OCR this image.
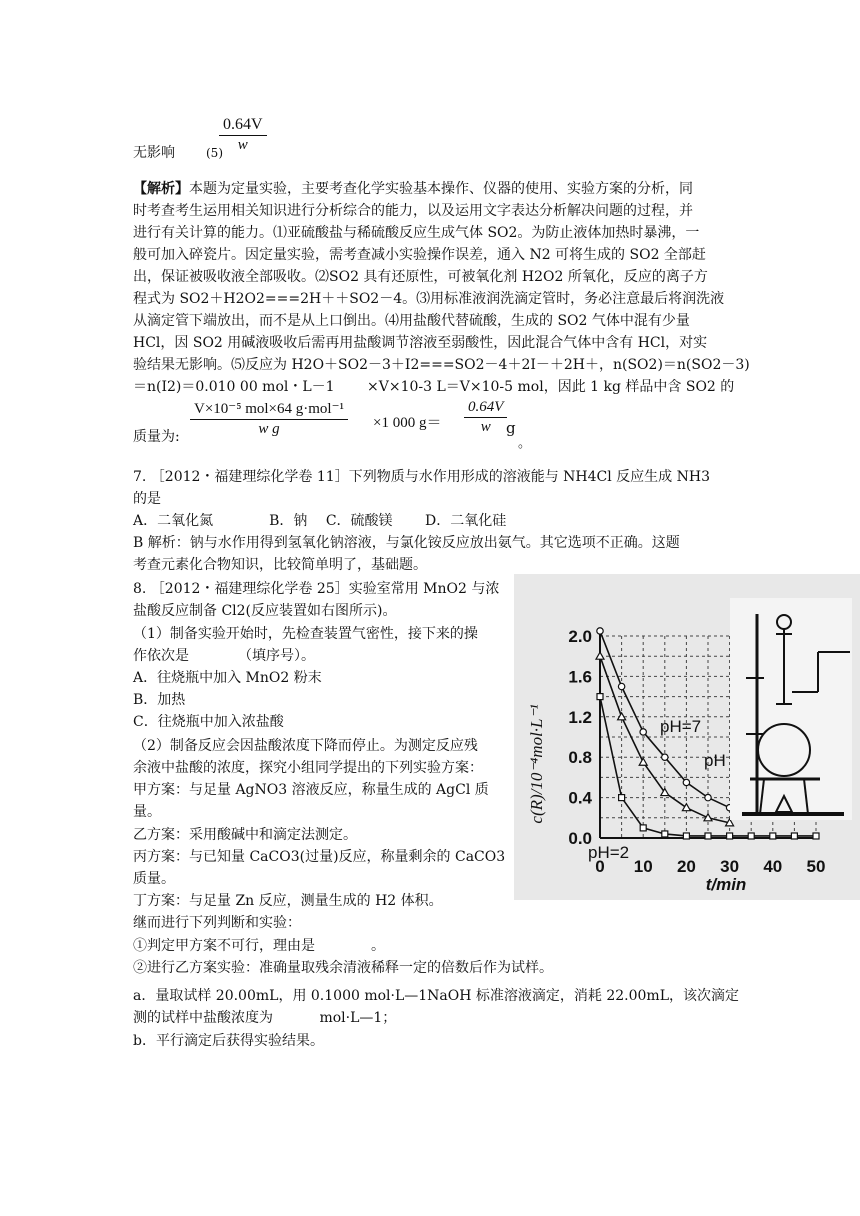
$\frac{0.64V}{w}$
无影响	(5)
【解析】本题为定量实验，主要考查化学实验基本操作、仪器的使用、实验方案的分析，同
时考查考生运用相关知识进行分析综合的能力，以及运用文字表达分析解决问题的过程，并
进行有关计算的能力。⑴亚硫酸盐与稀硫酸反应生成气体 SO2。为防止液体加热时暴沸，一
般可加入碎瓷片。因定量实验，需考查减小实验操作误差，通入 N2 可将生成的 SO2 全部赶
出，保证被吸收液全部吸收。⑵SO2 具有还原性，可被氧化剂 H2O2 所氧化，反应的离子方
程式为 SO2＋H2O2===2H＋＋SO2－4。⑶用标准液润洗滴定管时，务必注意最后将润洗液
从滴定管下端放出，而不是从上口倒出。⑷用盐酸代替硫酸，生成的 SO2 气体中混有少量
HCl，因 SO2 用碱液吸收后需再用盐酸调节溶液至弱酸性，因此混合气体中含有 HCl，对实
验结果无影响。⑸反应为 H2O＋SO2－3＋I2===SO2－4＋2I－＋2H＋，n(SO2)＝n(SO2－3)
＝n(I2)＝0.010 00 mol・L－1　　 ×V×10-3 L＝V×10-5 mol，因此 1 kg 样品中含 SO2 的
质量为:
V×10⁻⁵ mol×64 g·mol⁻¹
w g	×1 000 $g= \frac{0.64V}{w}$
g
。
7. ［2012・福建理综化学卷 11］下列物质与水作用形成的溶液能与 NH4Cl 反应生成 NH3
的是
A．二氧化氮　　　　B．钠　 C．硫酸镁　　 D．二氧化硅
B 解析：钠与水作用得到氢氧化钠溶液，与氯化铵反应放出氨气。其它选项不正确。这题
考查元素化合物知识，比较简单明了，基础题。
8. ［2012・福建理综化学卷 25］实验室常用 MnO2 与浓
盐酸反应制备 Cl2(反应装置如右图所示)。
（1）制备实验开始时，先检查装置气密性，接下来的操
作依次是　　　　（填序号）。
A．往烧瓶中加入 MnO2 粉末
B．加热
C．往烧瓶中加入浓盐酸
（2）制备反应会因盐酸浓度下降而停止。为测定反应残
余液中盐酸的浓度，探究小组同学提出的下列实验方案：
甲方案：与足量 AgNO3 溶液反应，称量生成的 AgCl 质
量。
乙方案：采用酸碱中和滴定法测定。
丙方案：与已知量 CaCO3(过量)反应，称量剩余的 CaCO3
质量。
丁方案：与足量 Zn 反应，测量生成的 H2 体积。
继而进行下列判断和实验：
①判定甲方案不可行，理由是　　　　。
②进行乙方案实验：准确量取残余清液稀释一定的倍数后作为试样。
a．量取试样 20.00mL，用 0.1000 mol·L—1NaOH 标准溶液滴定，消耗 22.00mL，该次滴定
测的试样中盐酸浓度为　　　 mol·L—1；
b．平行滴定后获得实验结果。
0 10 20 30 40 50
0.0
0.4
0.8
1.2
1.6
2.0
c(R)/10⁻⁴mol·L⁻¹
t/min
pH=7
pH
pH=2
